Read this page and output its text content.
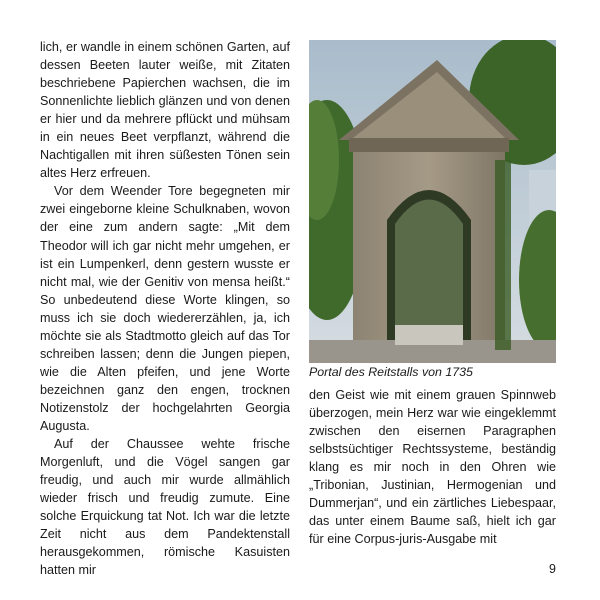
lich, er wandle in einem schönen Garten, auf dessen Beeten lauter weiße, mit Zitaten beschriebene Papierchen wachsen, die im Sonnenlichte lieblich glänzen und von denen er hier und da mehrere pflückt und mühsam in ein neues Beet verpflanzt, während die Nachtigallen mit ihren süßesten Tönen sein altes Herz erfreuen.

Vor dem Weender Tore begegneten mir zwei eingeborne kleine Schulknaben, wovon der eine zum andern sagte: „Mit dem Theodor will ich gar nicht mehr umgehen, er ist ein Lumpenkerl, denn gestern wusste er nicht mal, wie der Genitiv von mensa heißt.“ So unbedeutend diese Worte klingen, so muss ich sie doch wiedererzählen, ja, ich möchte sie als Stadtmotto gleich auf das Tor schreiben lassen; denn die Jungen piepen, wie die Alten pfeifen, und jene Worte bezeichnen ganz den engen, trocknen Notizenstolz der hochgelahrten Georgia Augusta.

Auf der Chaussee wehte frische Morgenluft, und die Vögel sangen gar freudig, und auch mir wurde allmählich wieder frisch und freudig zumute. Eine solche Erquickung tat Not. Ich war die letzte Zeit nicht aus dem Pandektenstall herausgekommen, römische Kasuisten hatten mir

Portal des Reitstalls von 1735

den Geist wie mit einem grauen Spinnweb überzogen, mein Herz war wie eingeklemmt zwischen den eisernen Paragraphen selbstsüchtiger Rechtssysteme, beständig klang es mir noch in den Ohren wie „Tribonian, Justinian, Hermogenian und Dummerjan“, und ein zärtliches Liebespaar, das unter einem Baume saß, hielt ich gar für eine Corpus-juris-Ausgabe mit

9
